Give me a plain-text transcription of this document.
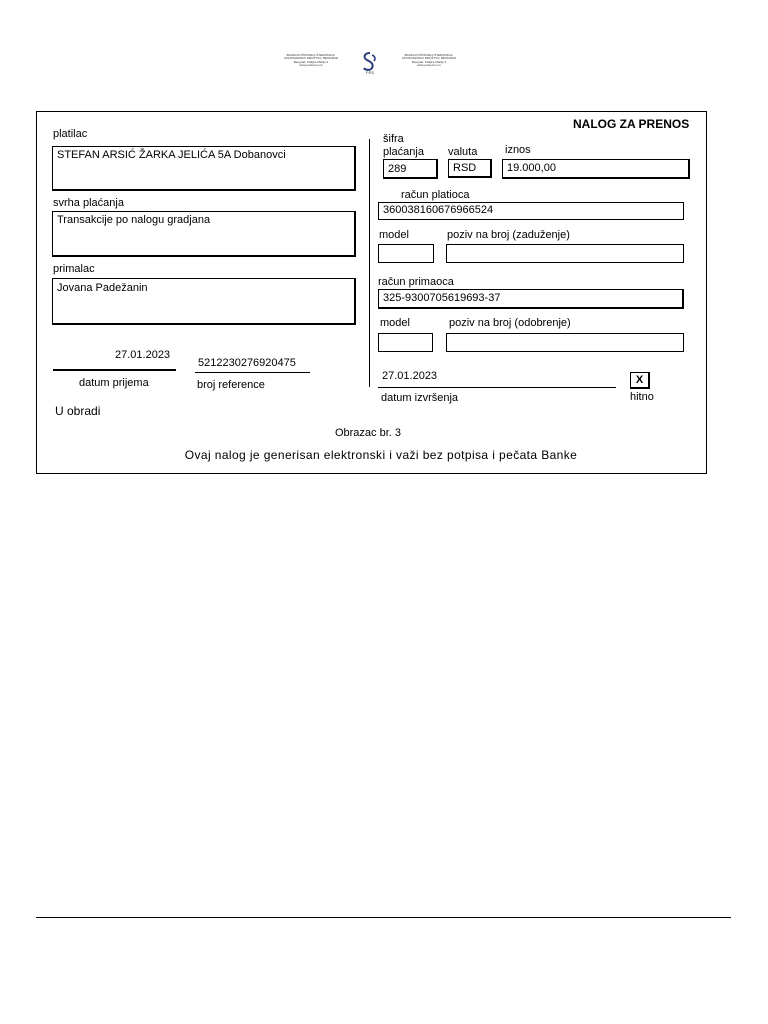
BANKA POŠTANSKA ŠTEDIONICA,
AKCIONARSKO DRUŠTVO, BEOGRAD
Beograd, Kraljice Marije 3
www.posted.co.rs
PSS
BANKA POŠTANSKA ŠTEDIONICA,
AKCIONARSKO DRUŠTVO, BEOGRAD
Beograd, Kraljice Marije 3
www.posted.co.rs
NALOG ZA PRENOS
platilac
STEFAN ARSIĆ ŽARKA JELIĆA 5A Dobanovci
svrha plaćanja
Transakcije po nalogu gradjana
primalac
Jovana Padežanin
27.01.2023
datum prijema
5212230276920475
broj reference
U obradi
šifra
plaćanja valuta	iznos
289	RSD	19.000,00
račun platioca
360038160676966524
model	poziv na broj (zaduženje)
račun primaoca
325-9300705619693-37
model	poziv na broj (odobrenje)
27.01.2023
datum izvršenja
X
hitno
Obrazac br. 3
Ovaj nalog je generisan elektronski i važi bez potpisa i pečata Banke
